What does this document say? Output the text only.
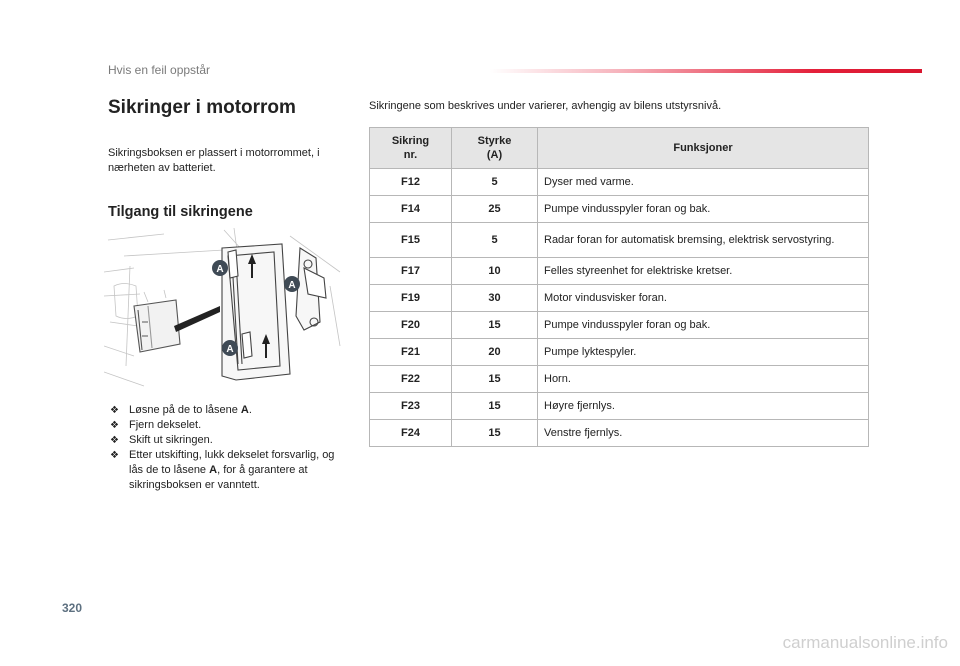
Hvis en feil oppstår
Sikringer i motorrom

Sikringsboksen er plassert i motorrommet, i nærheten av batteriet.

Tilgang til sikringene
A
A
A
❖ Løsne på de to låsene A.
❖ Fjern dekselet.
❖ Skift ut sikringen.
❖ Etter utskifting, lukk dekselet forsvarlig, og lås de to låsene A, for å garantere at sikringsboksen er vanntett.
Sikringene som beskrives under varierer, avhengig av bilens utstyrsnivå.
Sikring nr.	Styrke (A)	Funksjoner
F12	5	Dyser med varme.
F14	25	Pumpe vindusspyler foran og bak.
F15	5	Radar foran for automatisk bremsing, elektrisk servostyring.
F17	10	Felles styreenhet for elektriske kretser.
F19	30	Motor vindusvisker foran.
F20	15	Pumpe vindusspyler foran og bak.
F21	20	Pumpe lyktespyler.
F22	15	Horn.
F23	15	Høyre fjernlys.
F24	15	Venstre fjernlys.
320
carmanualsonline.info
